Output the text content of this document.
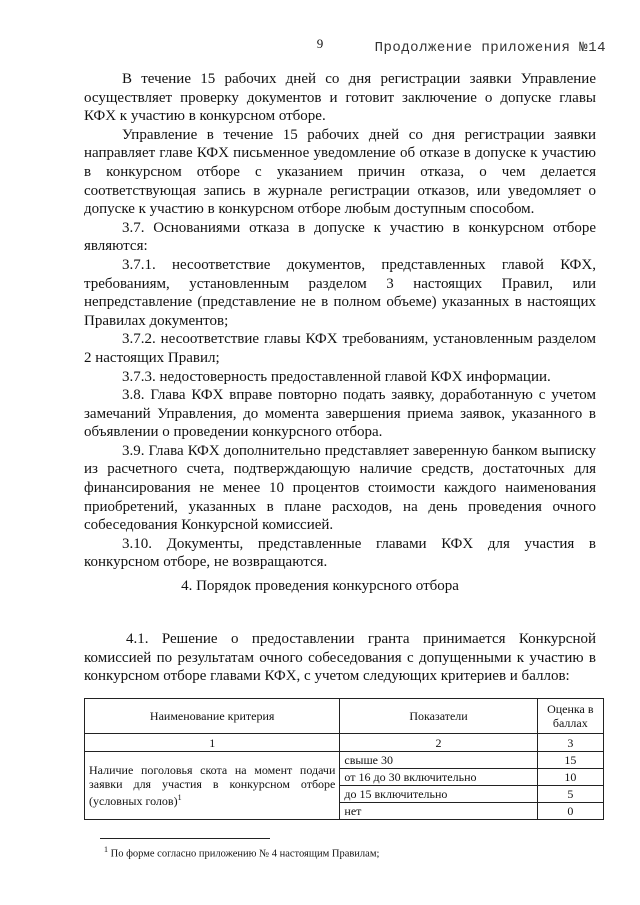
9	Продолжение приложения №14

В течение 15 рабочих дней со дня регистрации заявки Управление осуществляет проверку документов и готовит заключение о допуске главы КФХ к участию в конкурсном отборе.

Управление в течение 15 рабочих дней со дня регистрации заявки направляет главе КФХ письменное уведомление об отказе в допуске к участию в конкурсном отборе с указанием причин отказа, о чем делается соответствующая запись в журнале регистрации отказов, или уведомляет о допуске к участию в конкурсном отборе любым доступным способом.

3.7. Основаниями отказа в допуске к участию в конкурсном отборе являются:

3.7.1. несоответствие документов, представленных главой КФХ, требованиям, установленным разделом 3 настоящих Правил, или непредставление (представление не в полном объеме) указанных в настоящих Правилах документов;

3.7.2. несоответствие главы КФХ требованиям, установленным разделом 2 настоящих Правил;

3.7.3. недостоверность предоставленной главой КФХ информации.

3.8. Глава КФХ вправе повторно подать заявку, доработанную с учетом замечаний Управления, до момента завершения приема заявок, указанного в объявлении о проведении конкурсного отбора.

3.9. Глава КФХ дополнительно представляет заверенную банком выписку из расчетного счета, подтверждающую наличие средств, достаточных для финансирования не менее 10 процентов стоимости каждого наименования приобретений, указанных в плане расходов, на день проведения очного собеседования Конкурсной комиссией.

3.10. Документы, представленные главами КФХ для участия в конкурсном отборе, не возвращаются.

4. Порядок проведения конкурсного отбора

4.1. Решение о предоставлении гранта принимается Конкурсной комиссией по результатам очного собеседования с допущенными к участию в конкурсном отборе главами КФХ, с учетом следующих критериев и баллов:

Наименование критерия	Показатели	Оценка в баллах
1	2	3
Наличие поголовья скота на момент подачи заявки для участия в конкурсном отборе (условных голов)$^1$	свыше 30	15
	от 16 до 30 включительно	10
	до 15 включительно	5
	нет	0
$^1$ По форме согласно приложению № 4 настоящим Правилам;
